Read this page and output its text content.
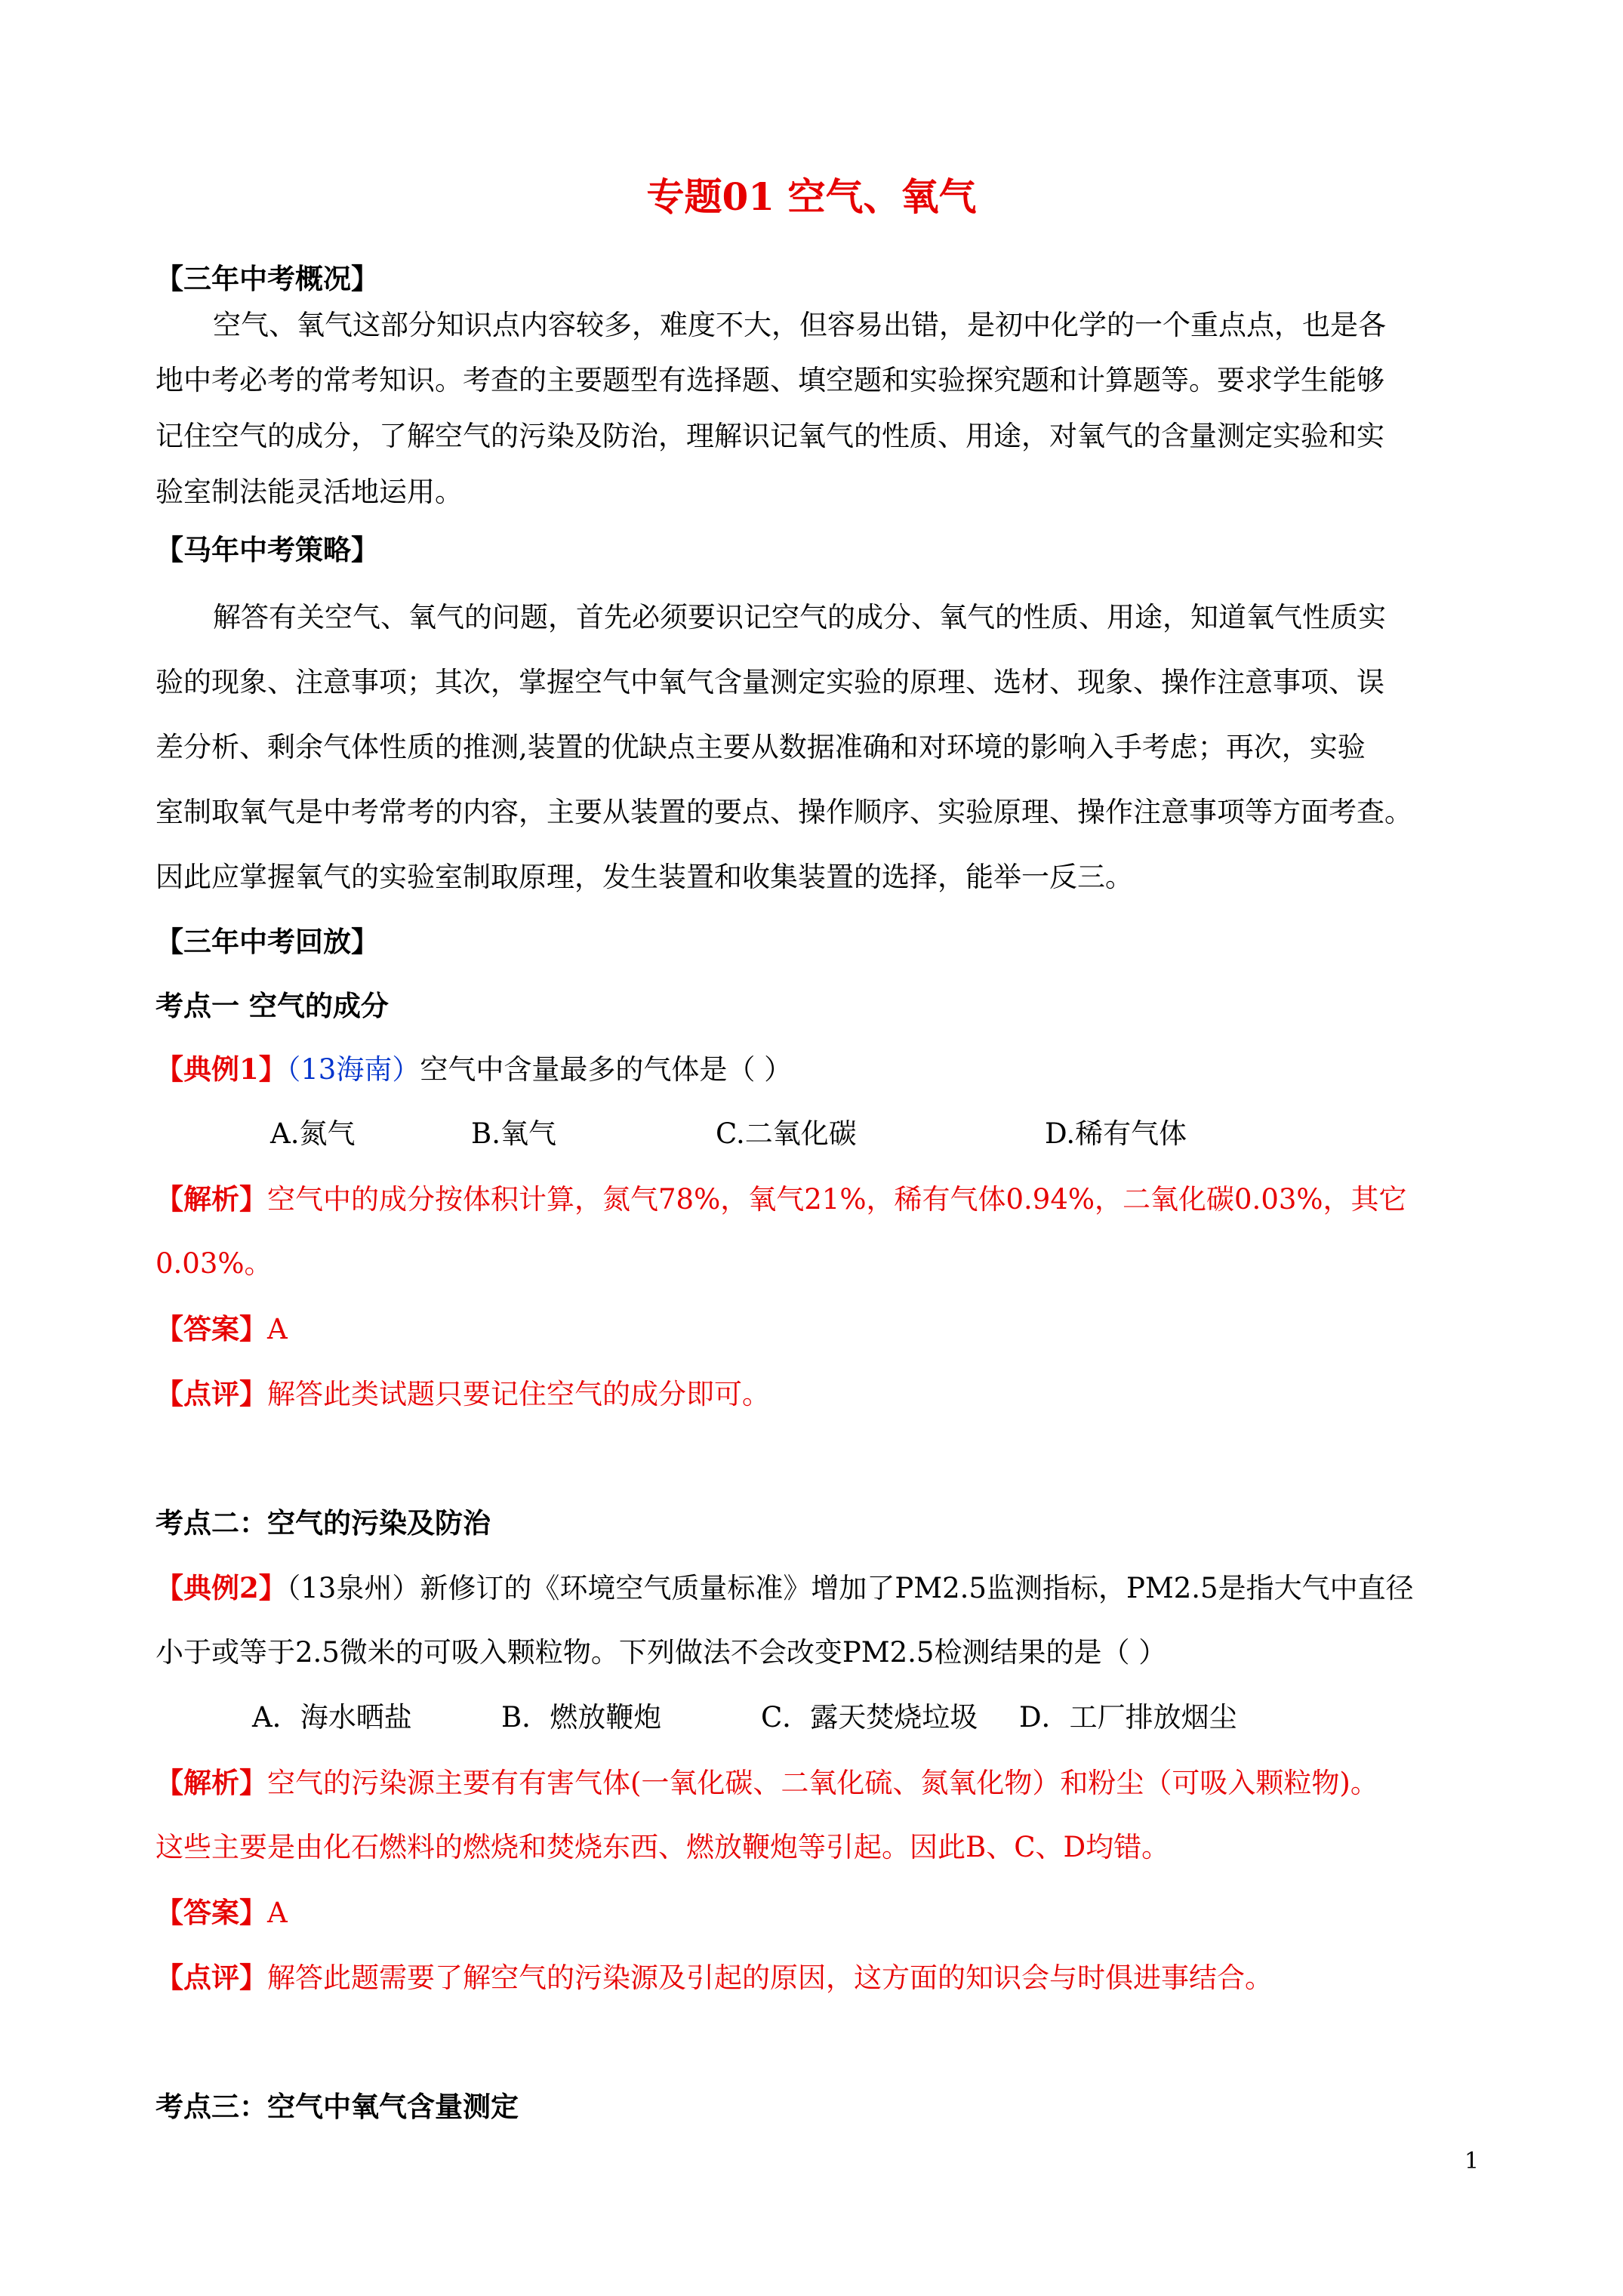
专题01 空气、氧气
【三年中考概况】
空气、氧气这部分知识点内容较多，难度不大，但容易出错，是初中化学的一个重点点，也是各
地中考必考的常考知识。考查的主要题型有选择题、填空题和实验探究题和计算题等。要求学生能够
记住空气的成分，了解空气的污染及防治，理解识记氧气的性质、用途，对氧气的含量测定实验和实
验室制法能灵活地运用。
【马年中考策略】
解答有关空气、氧气的问题，首先必须要识记空气的成分、氧气的性质、用途，知道氧气性质实
验的现象、注意事项；其次，掌握空气中氧气含量测定实验的原理、选材、现象、操作注意事项、误
差分析、剩余气体性质的推测,装置的优缺点主要从数据准确和对环境的影响入手考虑；再次，实验
室制取氧气是中考常考的内容，主要从装置的要点、操作顺序、实验原理、操作注意事项等方面考查。
因此应掌握氧气的实验室制取原理，发生装置和收集装置的选择，能举一反三。
【三年中考回放】
考点一 空气的成分
【典例1】（13海南）空气中含量最多的气体是（ ）
A.氮气	B.氧气	C.二氧化碳	D.稀有气体
【解析】空气中的成分按体积计算，氮气78%，氧气21%，稀有气体0.94%，二氧化碳0.03%，其它
0.03%。
【答案】A
【点评】解答此类试题只要记住空气的成分即可。
考点二：空气的污染及防治
【典例2】（13泉州）新修订的《环境空气质量标准》增加了PM2.5监测指标，PM2.5是指大气中直径
小于或等于2.5微米的可吸入颗粒物。下列做法不会改变PM2.5检测结果的是（ ）
A．海水晒盐	B．燃放鞭炮	C．露天焚烧垃圾 D．工厂排放烟尘
【解析】空气的污染源主要有有害气体(一氧化碳、二氧化硫、氮氧化物）和粉尘（可吸入颗粒物)。
这些主要是由化石燃料的燃烧和焚烧东西、燃放鞭炮等引起。因此B、C、D均错。
【答案】A
【点评】解答此题需要了解空气的污染源及引起的原因，这方面的知识会与时俱进事结合。
考点三：空气中氧气含量测定
1
